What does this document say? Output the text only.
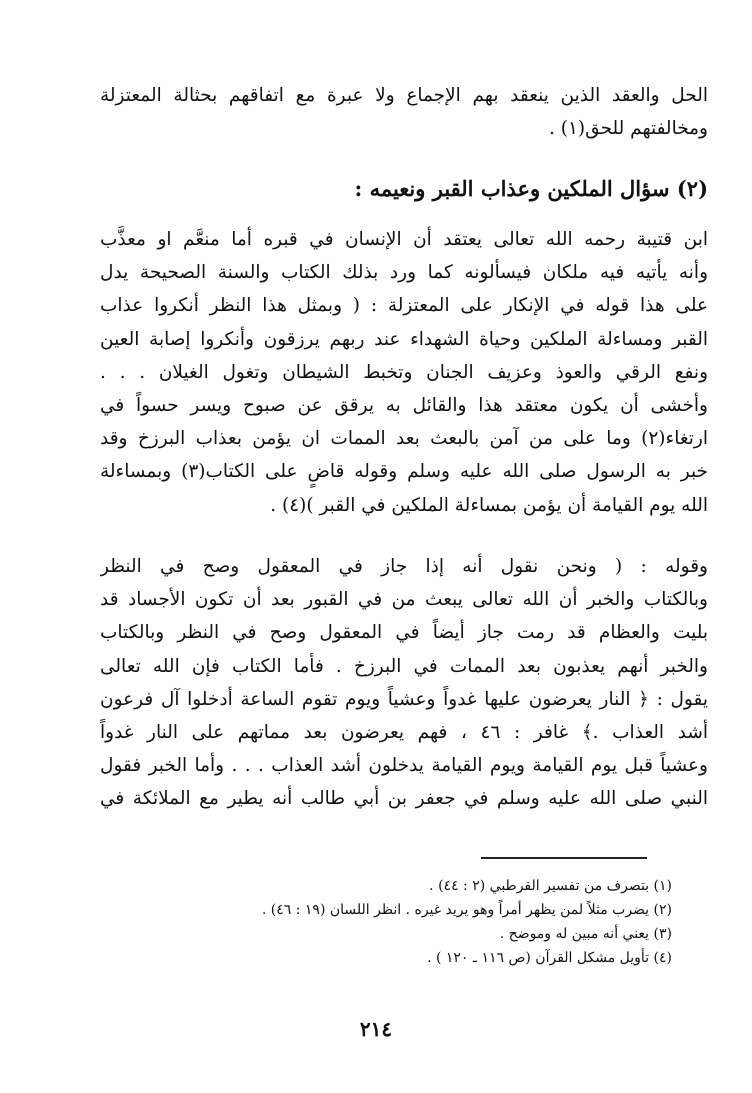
الحل والعقد الذين ينعقد بهم الإجماع ولا عبرة مع اتفاقهم بحثالة المعتزلة
ومخالفتهم للحق(١) .
(٢) سؤال الملكين وعذاب القبر ونعيمه :
ابن قتيبة رحمه الله تعالى يعتقد أن الإنسان في قبره أما منعَّم او معذَّب
وأنه يأتيه فيه ملكان فيسألونه كما ورد بذلك الكتاب والسنة الصحيحة يدل
على هذا قوله في الإنكار على المعتزلة : ( وبمثل هذا النظر أنكروا عذاب
القبر ومساءلة الملكين وحياة الشهداء عند ربهم يرزقون وأنكروا إصابة العين
ونفع الرقي والعوذ وعزيف الجنان وتخبط الشيطان وتغول الغيلان . . .
وأخشى أن يكون معتقد هذا والقائل به يرقق عن صبوح ويسر حسواً في
ارتغاء(٢) وما على من آمن بالبعث بعد الممات ان يؤمن بعذاب البرزخ وقد
خبر به الرسول صلى الله عليه وسلم وقوله قاضٍ على الكتاب(٣) وبمساءلة
الله يوم القيامة أن يؤمن بمساءلة الملكين في القبر )(٤) .
وقوله : ( ونحن نقول أنه إذا جاز في المعقول وصح في النظر
وبالكتاب والخبر أن الله تعالى يبعث من في القبور بعد أن تكون الأجساد قد
بليت والعظام قد رمت جاز أيضاً في المعقول وصح في النظر وبالكتاب
والخبر أنهم يعذبون بعد الممات في البرزخ . فأما الكتاب فإن الله تعالى
يقول : ﴿ النار يعرضون عليها غدواً وعشياً ويوم تقوم الساعة أدخلوا آل فرعون
أشد العذاب .﴾ غافر : ٤٦ ، فهم يعرضون بعد مماتهم على النار غدواً
وعشياً قبل يوم القيامة ويوم القيامة يدخلون أشد العذاب . . . وأما الخبر فقول
النبي صلى الله عليه وسلم في جعفر بن أبي طالب أنه يطير مع الملائكة في
(١) بتصرف من تفسير القرطبي (٢ : ٤٤) .
(٢) يضرب مثلاً لمن يظهر أمراً وهو يريد غيره . انظر اللسان (١٩ : ٤٦) .
(٣) يعني أنه مبين له وموضح .
(٤) تأويل مشكل القرآن (ص ١١٦ ـ ١٢٠ ) .
٢١٤
